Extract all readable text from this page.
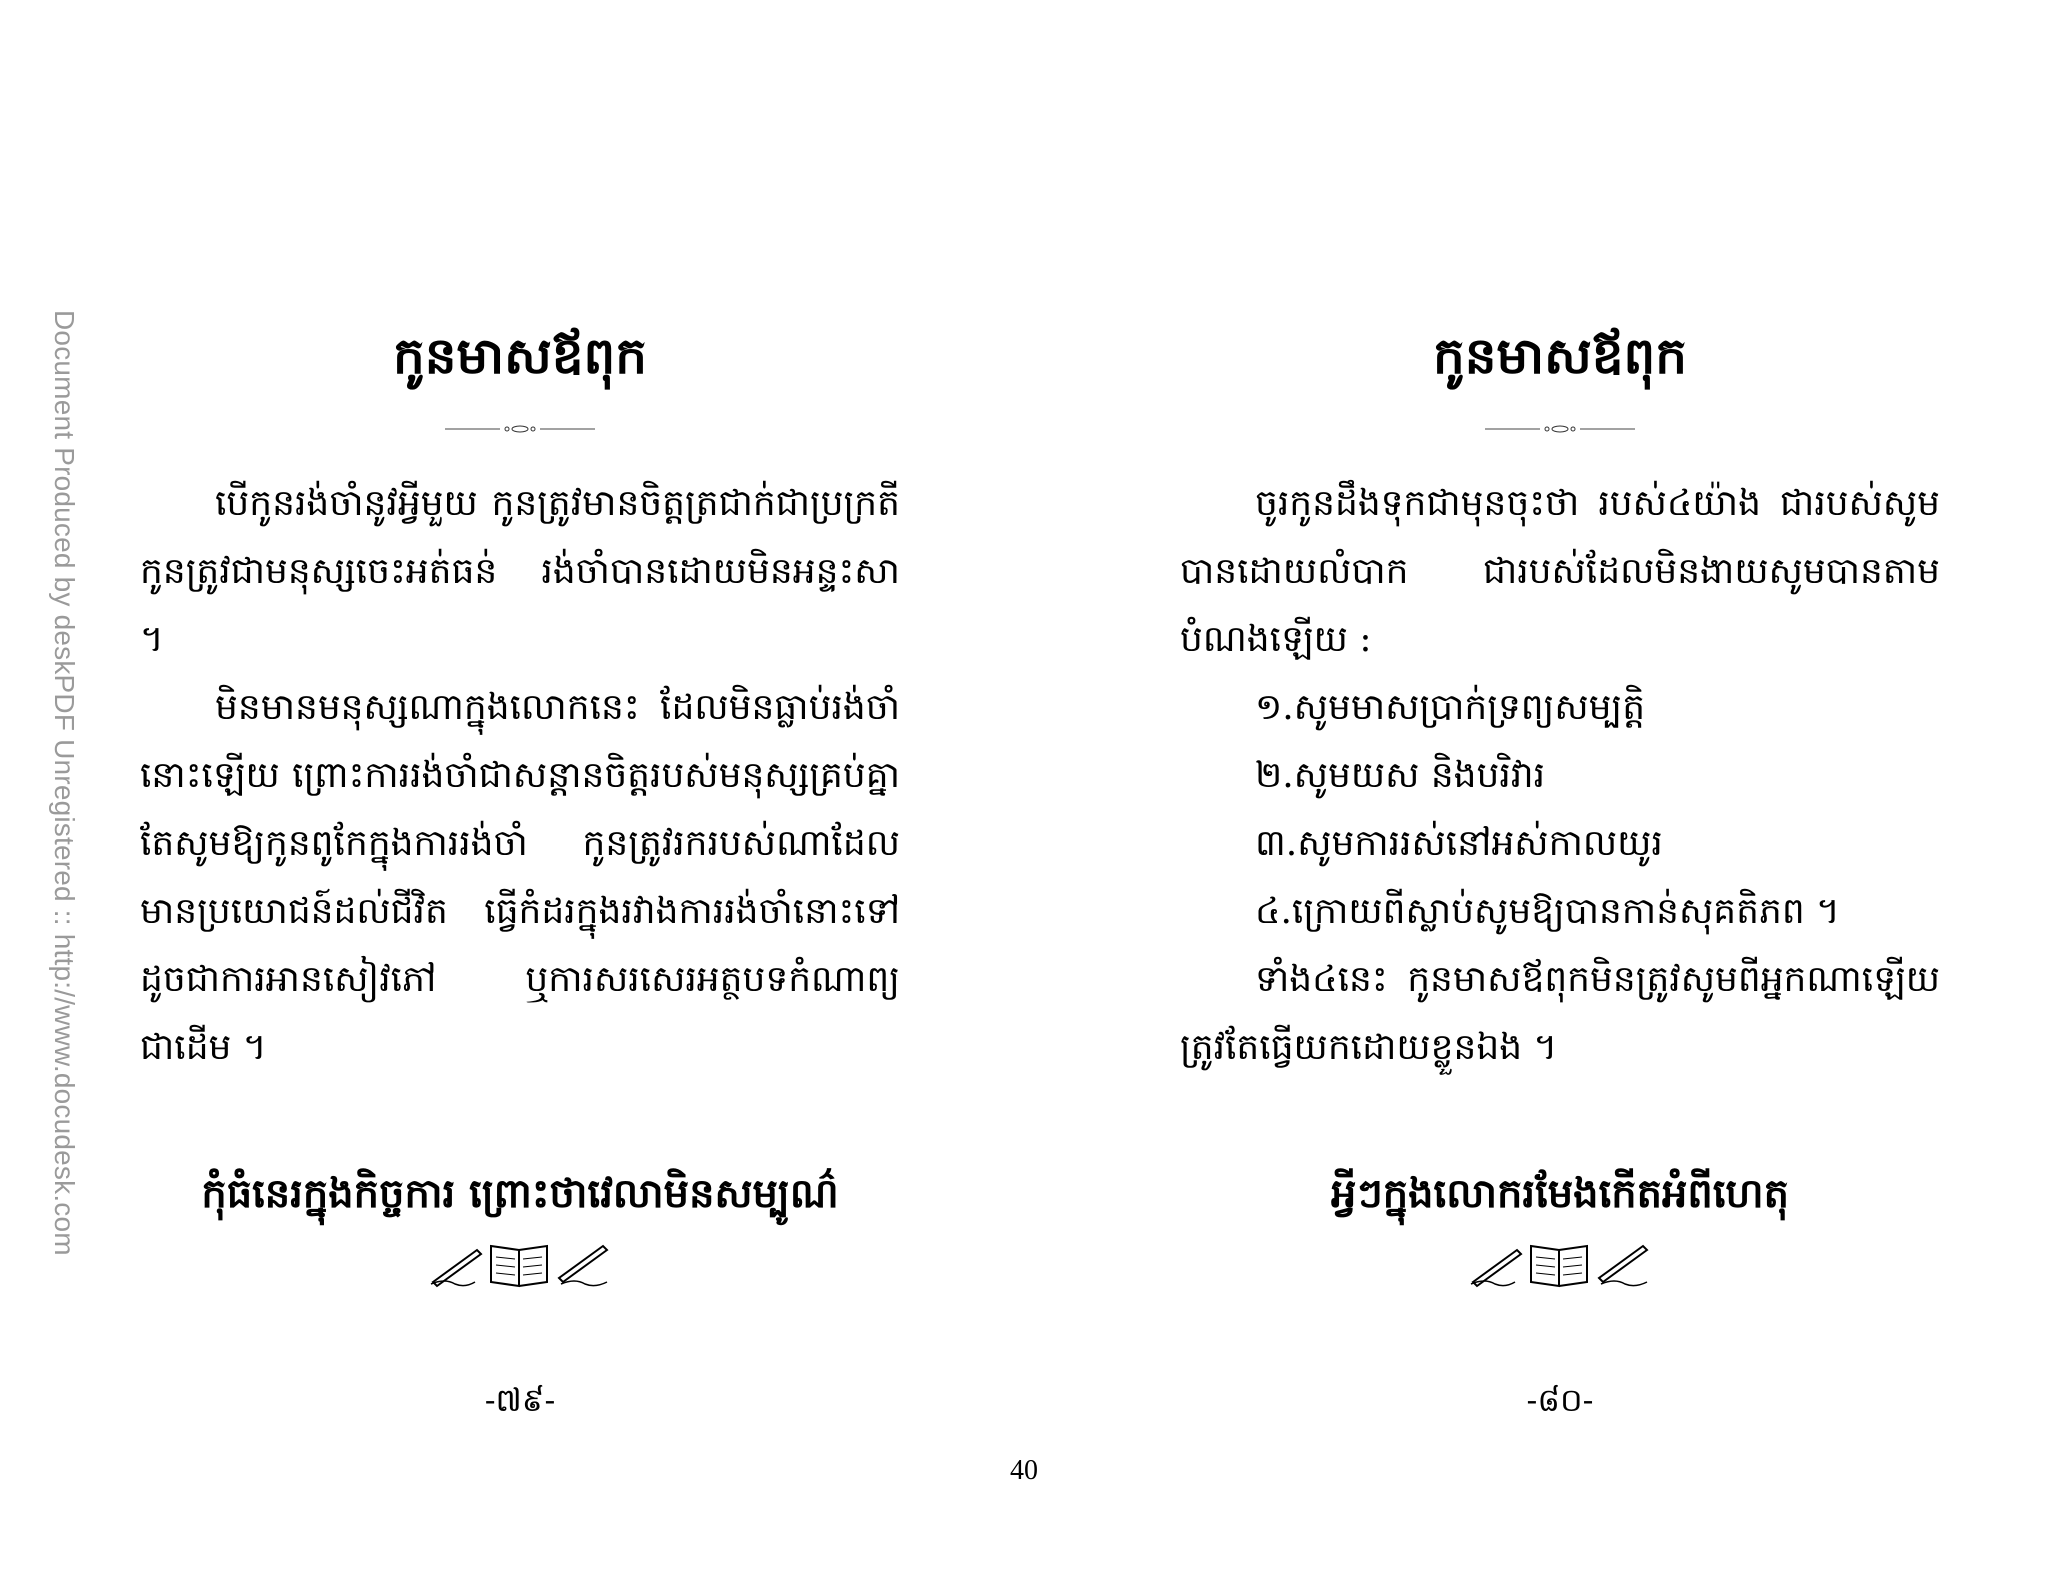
Document Produced by deskPDF Unregistered :: http://www.docudesk.com	កូនមាសឪពុក

បើកូនរង់ចាំនូវអ្វីមួយ កូនត្រូវមានចិត្តត្រជាក់ជាប្រក្រតី កូនត្រូវជាមនុស្សចេះអត់ធន់ រង់ចាំបានដោយមិនអន្ទះសា ។

មិនមានមនុស្សណាក្នុងលោកនេះ ដែលមិនធ្លាប់រង់ចាំនោះឡើយ ព្រោះការរង់ចាំជាសន្តានចិត្តរបស់មនុស្សគ្រប់គ្នា តែសូមឱ្យកូនពូកែក្នុងការរង់ចាំ កូនត្រូវរករបស់ណាដែលមានប្រយោជន៍ដល់ជីវិត ធ្វើកំដរក្នុងរវាងការរង់ចាំនោះទៅ ដូចជាការអានសៀវភៅ ឬការសរសេរអត្ថបទកំណាព្យជាដើម ។

កុំធំនេរក្នុងកិច្ចការ ព្រោះថាវេលាមិនសម្បូណ៌
-៧៩-
កូនមាសឪពុក

ចូរកូនដឹងទុកជាមុនចុះថា របស់៤យ៉ាង ជារបស់សូមបានដោយលំបាក ជារបស់ដែលមិនងាយសូមបានតាមបំណងឡើយ :

១.សូមមាសប្រាក់ទ្រព្យសម្បត្តិ

២.សូមយស និងបរិវារ

៣.សូមការរស់នៅអស់កាលយូរ

៤.ក្រោយពីស្លាប់សូមឱ្យបានកាន់សុគតិភព ។

ទាំង៤នេះ កូនមាសឪពុកមិនត្រូវសូមពីអ្នកណាឡើយ ត្រូវតែធ្វើយកដោយខ្លួនឯង ។

អ្វីៗក្នុងលោករមែងកើតអំពីហេតុ
-៨០-
40
